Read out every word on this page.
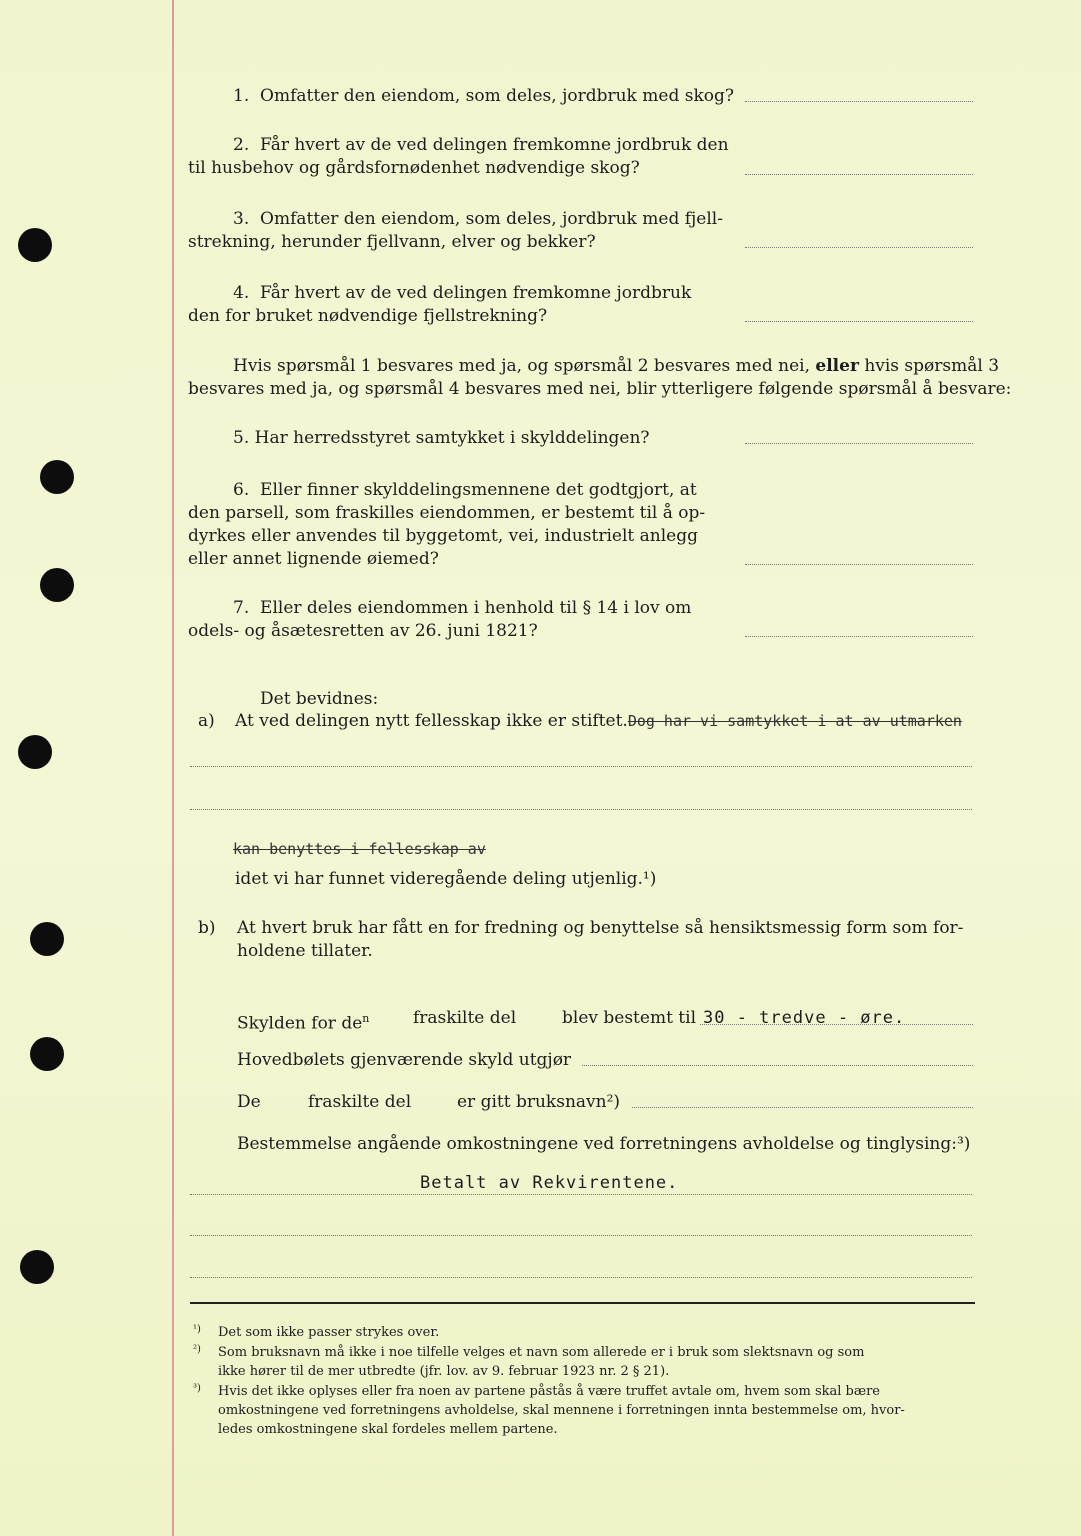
1. Omfatter den eiendom, som deles, jordbruk med skog?
2. Får hvert av de ved delingen fremkomne jordbruk den
til husbehov og gårdsfornødenhet nødvendige skog?
3. Omfatter den eiendom, som deles, jordbruk med fjell-
strekning, herunder fjellvann, elver og bekker?
4. Får hvert av de ved delingen fremkomne jordbruk
den for bruket nødvendige fjellstrekning?
Hvis spørsmål 1 besvares med ja, og spørsmål 2 besvares med nei, eller hvis spørsmål 3
besvares med ja, og spørsmål 4 besvares med nei, blir ytterligere følgende spørsmål å besvare:
5. Har herredsstyret samtykket i skylddelingen?
6. Eller finner skylddelingsmennene det godtgjort, at
den parsell, som fraskilles eiendommen, er bestemt til å op-
dyrkes eller anvendes til byggetomt, vei, industrielt anlegg
eller annet lignende øiemed?
7. Eller deles eiendommen i henhold til § 14 i lov om
odels- og åsætesretten av 26. juni 1821?
Det bevidnes:
a) At ved delingen nytt fellesskap ikke er stiftet.Dog har vi samtykket i at av utmarken
kan benyttes i fellesskap av
idet vi har funnet videregående deling utjenlig.¹)
b) At hvert bruk har fått en for fredning og benyttelse så hensiktsmessig form som for-
holdene tillater.
Skylden for $de^n$	fraskilte del	blev bestemt til 30 - tredve - øre.
Hovedbølets gjenværende skyld utgjør
De	fraskilte del	er gitt bruksnavn²)
Bestemmelse angående omkostningene ved forretningens avholdelse og tinglysing:³)
Betalt av Rekvirentene.
¹) Det som ikke passer strykes over.
²) Som bruksnavn må ikke i noe tilfelle velges et navn som allerede er i bruk som slektsnavn og som
ikke hører til de mer utbredte (jfr. lov. av 9. februar 1923 nr. 2 § 21).
³) Hvis det ikke oplyses eller fra noen av partene påstås å være truffet avtale om, hvem som skal bære
omkostningene ved forretningens avholdelse, skal mennene i forretningen innta bestemmelse om, hvor-
ledes omkostningene skal fordeles mellem partene.
